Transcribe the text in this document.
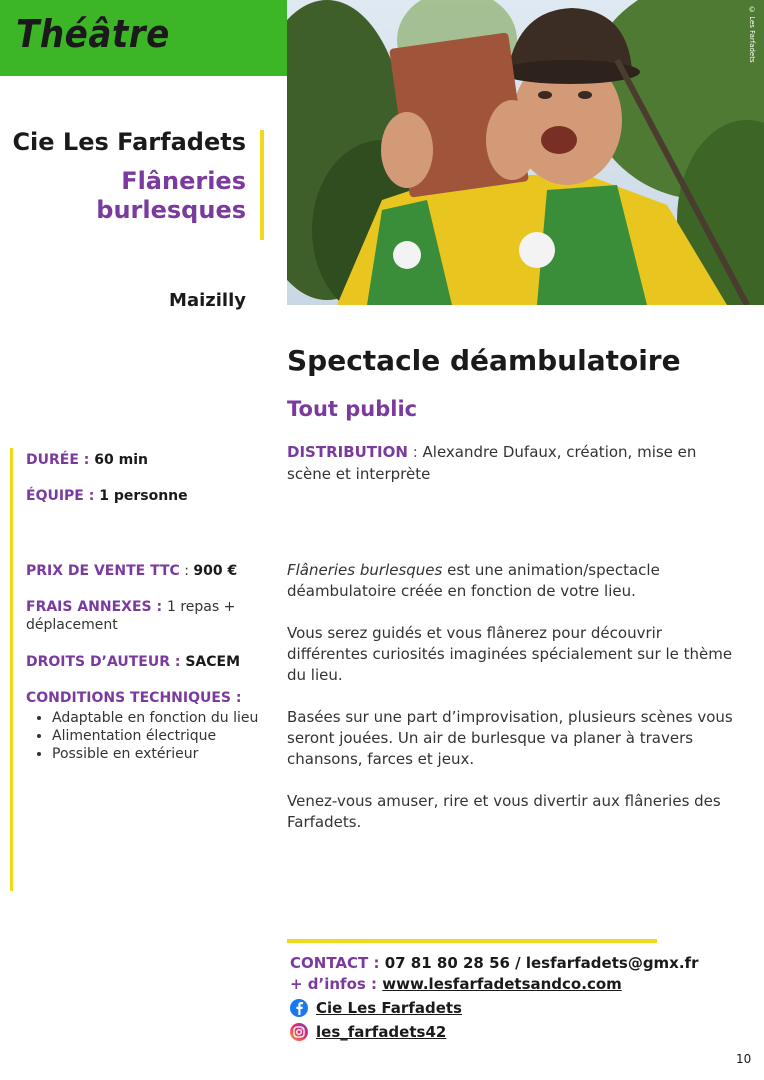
Théâtre	© Les Farfadets
Cie Les Farfadets
Flâneries burlesques
Maizilly
Spectacle déambulatoire
Tout public
DISTRIBUTION : Alexandre Dufaux, création, mise en scène et interprète
DURÉE : 60 min
ÉQUIPE : 1 personne
PRIX DE VENTE TTC : 900 €
FRAIS ANNEXES : 1 repas + déplacement
DROITS D’AUTEUR : SACEM
CONDITIONS TECHNIQUES :
• Adaptable en fonction du lieu
• Alimentation électrique
• Possible en extérieur

Flâneries burlesques est une animation/spectacle déambulatoire créée en fonction de votre lieu.

Vous serez guidés et vous flânerez pour découvrir différentes curiosités imaginées spécialement sur le thème du lieu.

Basées sur une part d’improvisation, plusieurs scènes vous seront jouées. Un air de burlesque va planer à travers chansons, farces et jeux.

Venez-vous amuser, rire et vous divertir aux flâneries des Farfadets.

CONTACT : 07 81 80 28 56 / lesfarfadets@gmx.fr
+ d’infos : www.lesfarfadetsandco.com
Cie Les Farfadets
les_farfadets42
10
